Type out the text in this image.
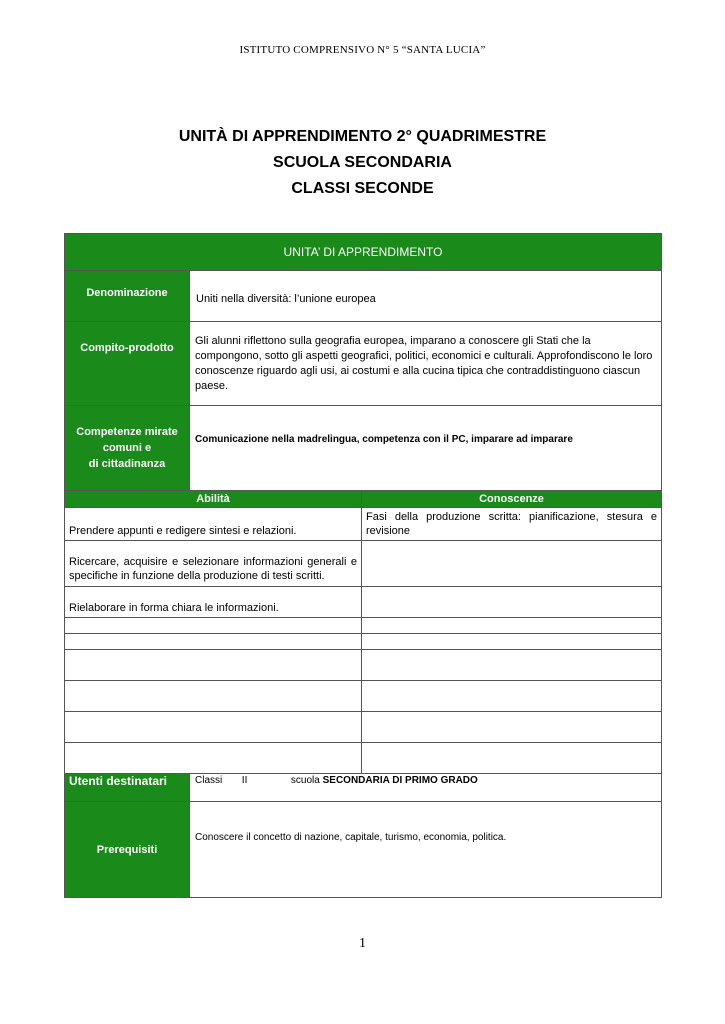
ISTITUTO COMPRENSIVO N° 5 “SANTA LUCIA”
UNITÀ DI APPRENDIMENTO 2° QUADRIMESTRE
SCUOLA SECONDARIA
CLASSI SECONDE
UNITA’ DI APPRENDIMENTO		
Denominazione	Uniti nella diversità: l’unione europea	
Compito-prodotto	Gli alunni riflettono sulla geografia europea, imparano a conoscere gli Stati che la compongono, sotto gli aspetti geografici, politici, economici e culturali. Approfondiscono le loro conoscenze riguardo agli usi, ai costumi e alla cucina tipica che contraddistinguono ciascun paese.	

Competenze mirate
comuni e
di cittadinanza	Comunicazione nella madrelingua, competenza con il PC, imparare ad imparare	
Abilità		Conoscenze
Prendere appunti e redigere sintesi e relazioni.		Fasi della produzione scritta: pianificazione, stesura e revisione
Ricercare, acquisire e selezionare informazioni generali e specifiche in funzione della produzione di testi scritti.		
Rielaborare in forma chiara le informazioni.		

Utenti destinatari	Classi II scuola SECONDARIA DI PRIMO GRADO	
Prerequisiti	Conoscere il concetto di nazione, capitale, turismo, economia, politica.	
1
